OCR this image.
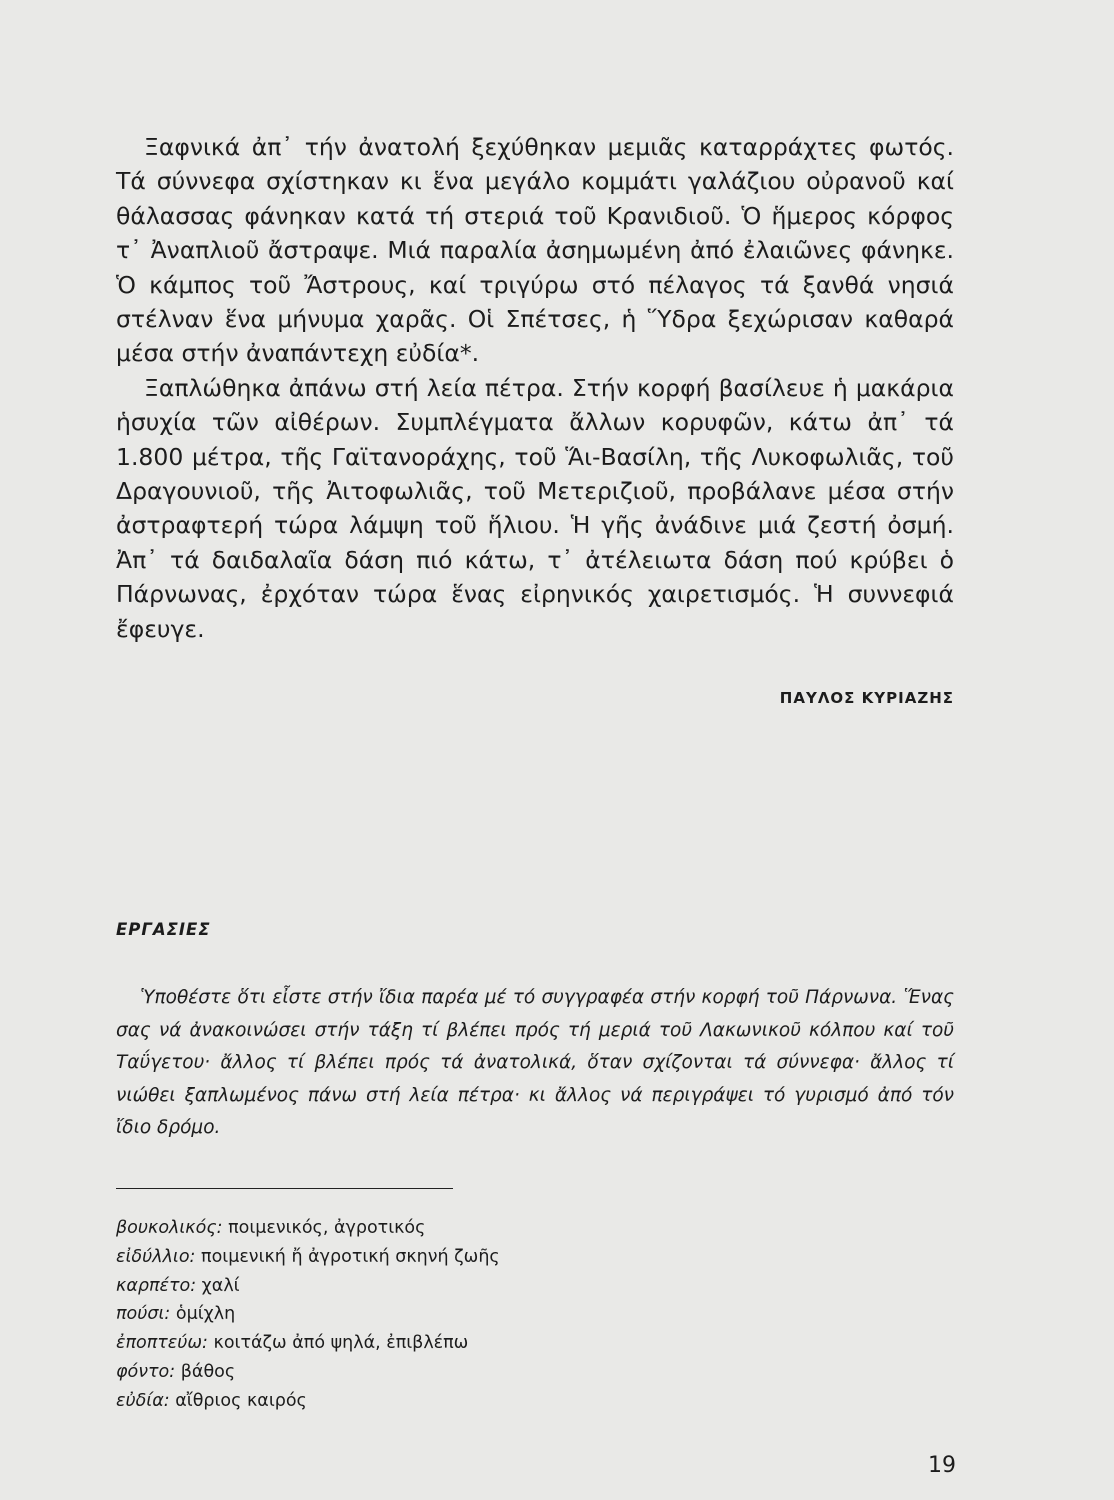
Ξαφνικά ἀπ᾿ τήν ἀνατολή ξεχύθηκαν μεμιᾶς καταρράχτες φωτός. Τά σύννεφα σχίστηκαν κι ἕνα μεγάλο κομμάτι γαλάζιου οὐρανοῦ καί θάλασσας φάνηκαν κατά τή στεριά τοῦ Κρανιδιοῦ. Ὁ ἥμερος κόρφος τ᾿ Ἀναπλιοῦ ἄστραψε. Μιά παραλία ἀσημωμένη ἀπό ἐλαιῶνες φάνηκε. Ὁ κάμπος τοῦ Ἄστρους, καί τριγύρω στό πέλαγος τά ξανθά νησιά στέλναν ἕνα μήνυμα χαρᾶς. Οἱ Σπέτσες, ἡ Ὕδρα ξεχώρισαν καθαρά μέσα στήν ἀναπάντεχη εὐδία*.

Ξαπλώθηκα ἀπάνω στή λεία πέτρα. Στήν κορφή βασίλευε ἡ μακάρια ἡσυχία τῶν αἰθέρων. Συμπλέγματα ἄλλων κορυφῶν, κάτω ἀπ᾿ τά 1.800 μέτρα, τῆς Γαϊτανοράχης, τοῦ Ἅι-Βασίλη, τῆς Λυκοφωλιᾶς, τοῦ Δραγουνιοῦ, τῆς Ἀιτοφωλιᾶς, τοῦ Μετεριζιοῦ, προβάλανε μέσα στήν ἀστραφτερή τώρα λάμψη τοῦ ἥλιου. Ἡ γῆς ἀνάδινε μιά ζεστή ὀσμή. Ἀπ᾿ τά δαιδαλαῖα δάση πιό κάτω, τ᾿ ἀτέλειωτα δάση πού κρύβει ὁ Πάρνωνας, ἐρχόταν τώρα ἕνας εἰρηνικός χαιρετισμός. Ἡ συννεφιά ἔφευγε.

ΠΑΥΛΟΣ ΚΥΡΙΑΖΗΣ
ΕΡΓΑΣΙΕΣ

Ὑποθέστε ὅτι εἶστε στήν ἴδια παρέα μέ τό συγγραφέα στήν κορφή τοῦ Πάρνωνα. Ἕνας σας νά ἀνακοινώσει στήν τάξη τί βλέπει πρός τή μεριά τοῦ Λακωνικοῦ κόλπου καί τοῦ Ταΰγετου· ἄλλος τί βλέπει πρός τά ἀνατολικά, ὅταν σχίζονται τά σύννεφα· ἄλλος τί νιώθει ξαπλωμένος πάνω στή λεία πέτρα· κι ἄλλος νά περιγράψει τό γυρισμό ἀπό τόν ἴδιο δρόμο.

βουκολικός: ποιμενικός, ἀγροτικός
εἰδύλλιο: ποιμενική ἤ ἀγροτική σκηνή ζωῆς
καρπέτο: χαλί
πούσι: ὁμίχλη
ἐποπτεύω: κοιτάζω ἀπό ψηλά, ἐπιβλέπω
φόντο: βάθος
εὐδία: αἴθριος καιρός
19
